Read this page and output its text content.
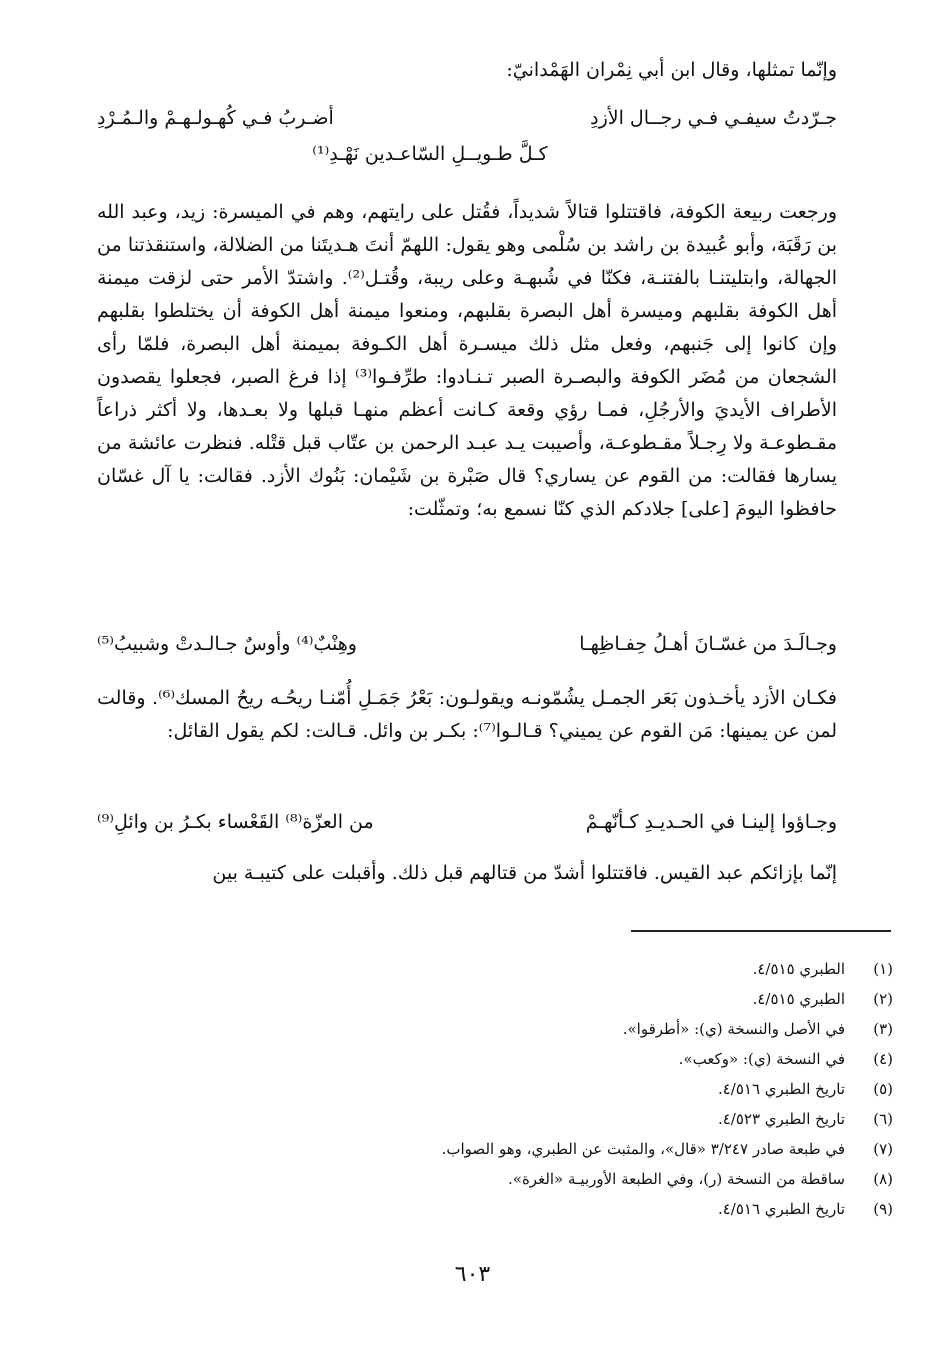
وإنّما تمثلها، وقال ابن أبي نِمْران الهَمْدانيّ:

جـرّدتُ سيفـي فـي رجــال الأزدِ
أضـربُ فـي كُهـولـهـمْ والـمُـرْدِ
كـلَّ طـويــلِ السّاعـدين نَهْـدِ⁽¹⁾

ورجعت ربيعة الكوفة، فاقتتلوا قتالاً شديداً، فقُتل على رايتهم، وهم في الميسرة: زيد، وعبد الله بن رَقَبَة، وأبو عُبيدة بن راشد بن سُلْمى وهو يقول: اللهمّ أنتَ هـديتَنا من الضلالة، واستنقذتنا من الجهالة، وابتليتنـا بالفتنـة، فكنّا في شُبهـة وعلى ريبة، وقُتـل⁽²⁾. واشتدّ الأمر حتى لزقت ميمنة أهل الكوفة بقلبهم وميسرة أهل البصرة بقلبهم، ومنعوا ميمنة أهل الكوفة أن يختلطوا بقلبهم وإن كانوا إلى جَنبهم، وفعل مثل ذلك ميسـرة أهل الكـوفة بميمنة أهل البصرة، فلمّا رأى الشجعان من مُضَر الكوفة والبصـرة الصبر تـنـادوا: طرِّفـوا⁽³⁾ إذا فرغ الصبر، فجعلوا يقصدون الأطراف الأيديَ والأرجُلِ، فمـا رؤي وقعة كـانت أعظم منهـا قبلها ولا بعـدها، ولا أكثر ذراعاً مقـطوعـة ولا رِجـلاً مقـطوعـة، وأصيبت يـد عبـد الرحمن بن عتّاب قبل قتْله. فنظرت عائشة من يسارها فقالت: من القوم عن يساري؟ قال صَبْرة بن شَيْمان: بَنُوك الأزد. فقالت: يا آل غسّان حافظوا اليومَ [على] جلادكم الذي كنّا نسمع به؛ وتمثّلت:

وجـالَـدَ من غسّـانَ أهـلُ حِفـاظِهـا
وهِنْبٌ⁽⁴⁾ وأوسٌ جـالـدتْ وشبيبُ⁽⁵⁾

فكـان الأزد يأخـذون بَعَر الجمـل يشُمّونـه ويقولـون: بَعْرُ جَمَـلِ أُمّنـا ريحُـه ريحُ المسك⁽⁶⁾. وقالت لمن عن يمينها: مَن القوم عن يميني؟ قـالـوا⁽⁷⁾: بكـر بن وائل. قـالت: لكم يقول القائل:

وجـاؤوا إلينـا في الحـديـدِ كـأنّهـمْ
من العزّة⁽⁸⁾ القَعْساء بكـرُ بن وائلِ⁽⁹⁾

إنّما بإزائكم عبد القيس. فاقتتلوا أشدّ من قتالهم قبل ذلك. وأقبلت على كتيبـة بين

(١)الطبري ٤/٥١٥.
(٢)الطبري ٤/٥١٥.
(٣)في الأصل والنسخة (ي): «أطرقوا».
(٤)في النسخة (ي): «وكعب».
(٥)تاريخ الطبري ٤/٥١٦.
(٦)تاريخ الطبري ٤/٥٢٣.
(٧)في طبعة صادر ٣/٢٤٧ «قال»، والمثبت عن الطبري، وهو الصواب.
(٨)ساقطة من النسخة (ر)، وفي الطبعة الأوربيـة «الغرة».
(٩)تاريخ الطبري ٤/٥١٦.
٦٠٣
